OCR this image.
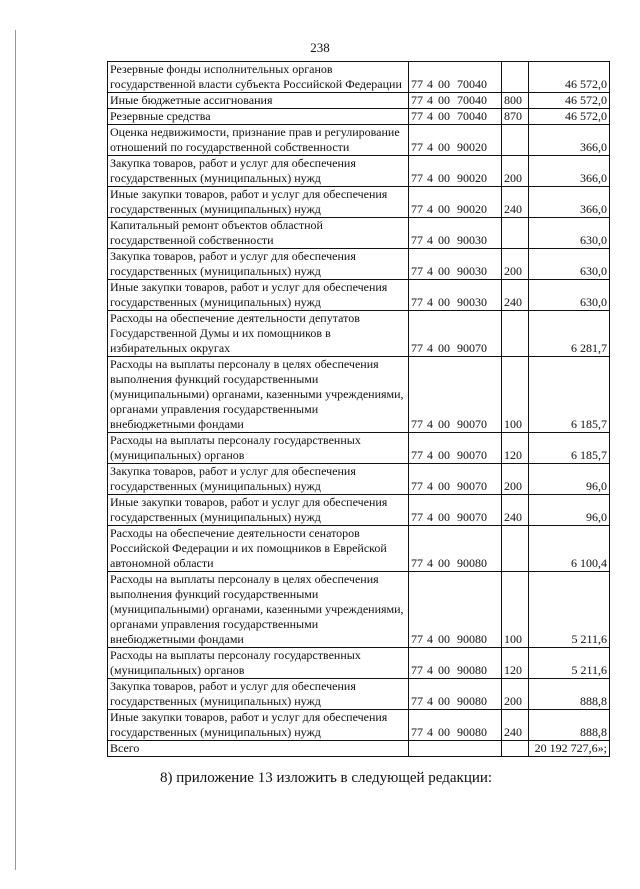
238
Резервные фонды исполнительных органов государственной власти субъекта Российской Федерации	77 4 00 70040		46 572,0
Иные бюджетные ассигнования	77 4 00 70040	800	46 572,0
Резервные средства	77 4 00 70040	870	46 572,0
Оценка недвижимости, признание прав и регулирование отношений по государственной собственности	77 4 00 90020		366,0
Закупка товаров, работ и услуг для обеспечения государственных (муниципальных) нужд	77 4 00 90020	200	366,0
Иные закупки товаров, работ и услуг для обеспечения государственных (муниципальных) нужд	77 4 00 90020	240	366,0
Капитальный ремонт объектов областной государственной собственности	77 4 00 90030		630,0
Закупка товаров, работ и услуг для обеспечения государственных (муниципальных) нужд	77 4 00 90030	200	630,0
Иные закупки товаров, работ и услуг для обеспечения государственных (муниципальных) нужд	77 4 00 90030	240	630,0
Расходы на обеспечение деятельности депутатов Государственной Думы и их помощников в избирательных округах	77 4 00 90070		6 281,7
Расходы на выплаты персоналу в целях обеспечения выполнения функций государственными (муниципальными) органами, казенными учреждениями, органами управления государственными внебюджетными фондами	77 4 00 90070	100	6 185,7
Расходы на выплаты персоналу государственных (муниципальных) органов	77 4 00 90070	120	6 185,7
Закупка товаров, работ и услуг для обеспечения государственных (муниципальных) нужд	77 4 00 90070	200	96,0
Иные закупки товаров, работ и услуг для обеспечения государственных (муниципальных) нужд	77 4 00 90070	240	96,0
Расходы на обеспечение деятельности сенаторов Российской Федерации и их помощников в Еврейской автономной области	77 4 00 90080		6 100,4
Расходы на выплаты персоналу в целях обеспечения выполнения функций государственными (муниципальными) органами, казенными учреждениями, органами управления государственными внебюджетными фондами	77 4 00 90080	100	5 211,6
Расходы на выплаты персоналу государственных (муниципальных) органов	77 4 00 90080	120	5 211,6
Закупка товаров, работ и услуг для обеспечения государственных (муниципальных) нужд	77 4 00 90080	200	888,8
Иные закупки товаров, работ и услуг для обеспечения государственных (муниципальных) нужд	77 4 00 90080	240	888,8
Всего			20 192 727,6»;
8) приложение 13 изложить в следующей редакции:
